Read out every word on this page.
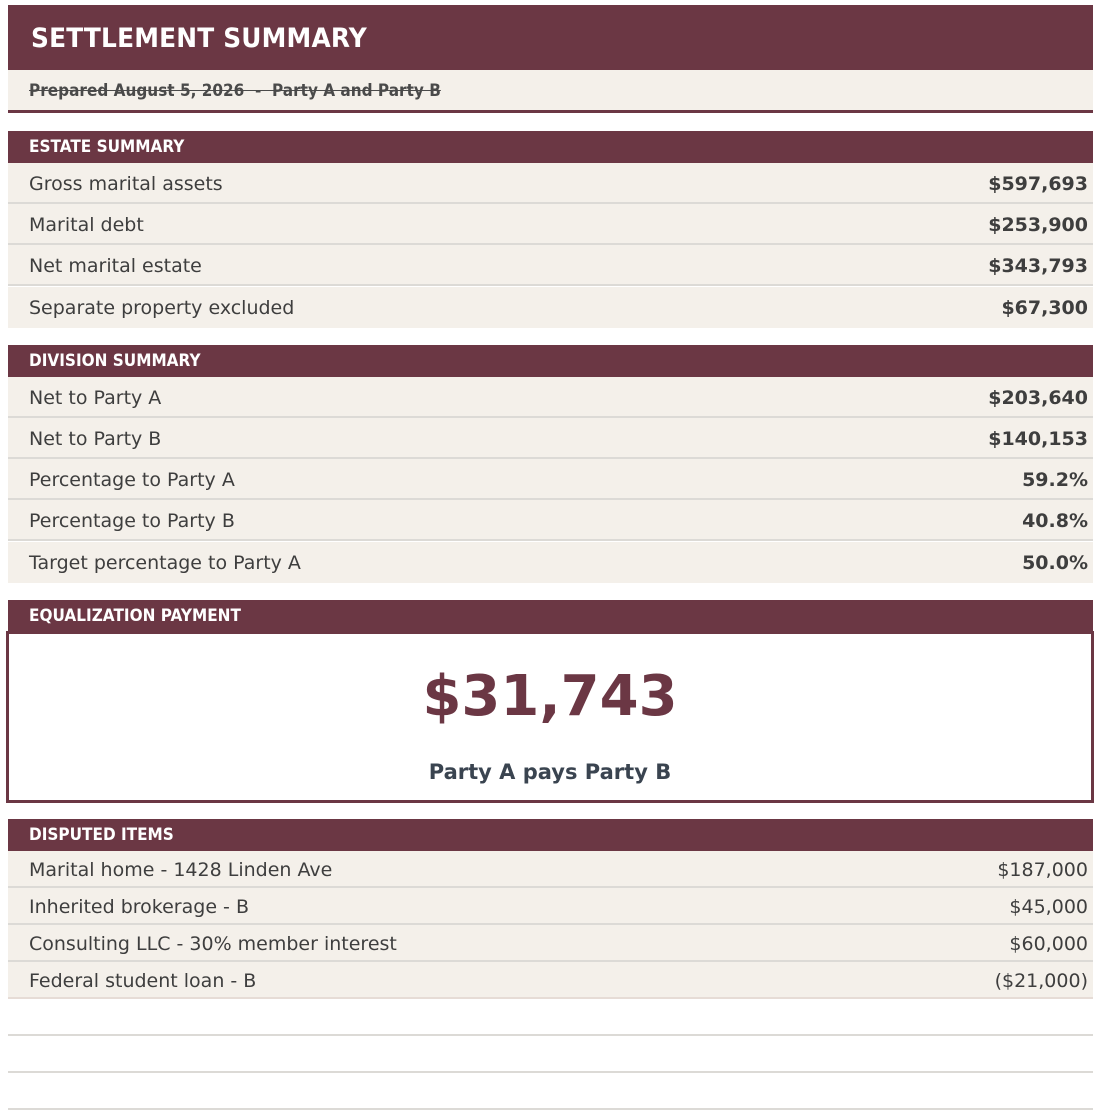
SETTLEMENT SUMMARY
Prepared August 5, 2026  -  Party A and Party B
ESTATE SUMMARY
Gross marital assets	$597,693
Marital debt	$253,900
Net marital estate	$343,793
Separate property excluded	$67,300
DIVISION SUMMARY
Net to Party A	$203,640
Net to Party B	$140,153
Percentage to Party A	59.2%
Percentage to Party B	40.8%
Target percentage to Party A	50.0%
EQUALIZATION PAYMENT
$31,743
Party A pays Party B
DISPUTED ITEMS
Marital home - 1428 Linden Ave	$187,000
Inherited brokerage - B	$45,000
Consulting LLC - 30% member interest	$60,000
Federal student loan - B	($21,000)
